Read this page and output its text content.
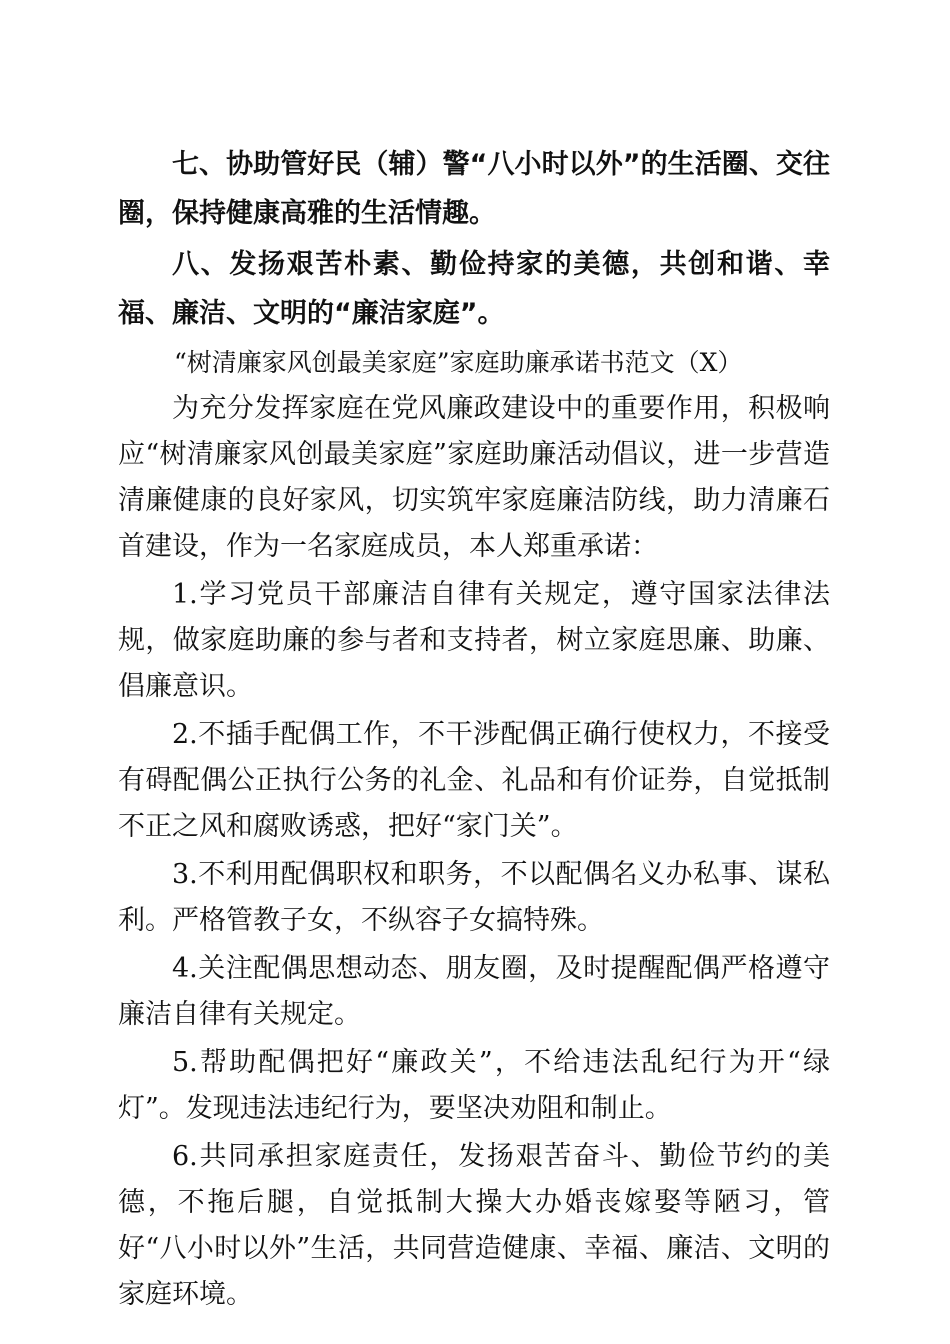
七、协助管好民（辅）警“八小时以外”的生活圈、交往圈，保持健康高雅的生活情趣。

八、发扬艰苦朴素、勤俭持家的美德，共创和谐、幸福、廉洁、文明的“廉洁家庭”。

“树清廉家风创最美家庭”家庭助廉承诺书范文（X）

为充分发挥家庭在党风廉政建设中的重要作用，积极响应“树清廉家风创最美家庭”家庭助廉活动倡议，进一步营造清廉健康的良好家风，切实筑牢家庭廉洁防线，助力清廉石首建设，作为一名家庭成员，本人郑重承诺：

1.学习党员干部廉洁自律有关规定，遵守国家法律法规，做家庭助廉的参与者和支持者，树立家庭思廉、助廉、倡廉意识。

2.不插手配偶工作，不干涉配偶正确行使权力，不接受有碍配偶公正执行公务的礼金、礼品和有价证券，自觉抵制不正之风和腐败诱惑，把好“家门关”。

3.不利用配偶职权和职务，不以配偶名义办私事、谋私利。严格管教子女，不纵容子女搞特殊。

4.关注配偶思想动态、朋友圈，及时提醒配偶严格遵守廉洁自律有关规定。

5.帮助配偶把好“廉政关”，不给违法乱纪行为开“绿灯”。发现违法违纪行为，要坚决劝阻和制止。

6.共同承担家庭责任，发扬艰苦奋斗、勤俭节约的美德，不拖后腿，自觉抵制大操大办婚丧嫁娶等陋习，管好“八小时以外”生活，共同营造健康、幸福、廉洁、文明的家庭环境。
